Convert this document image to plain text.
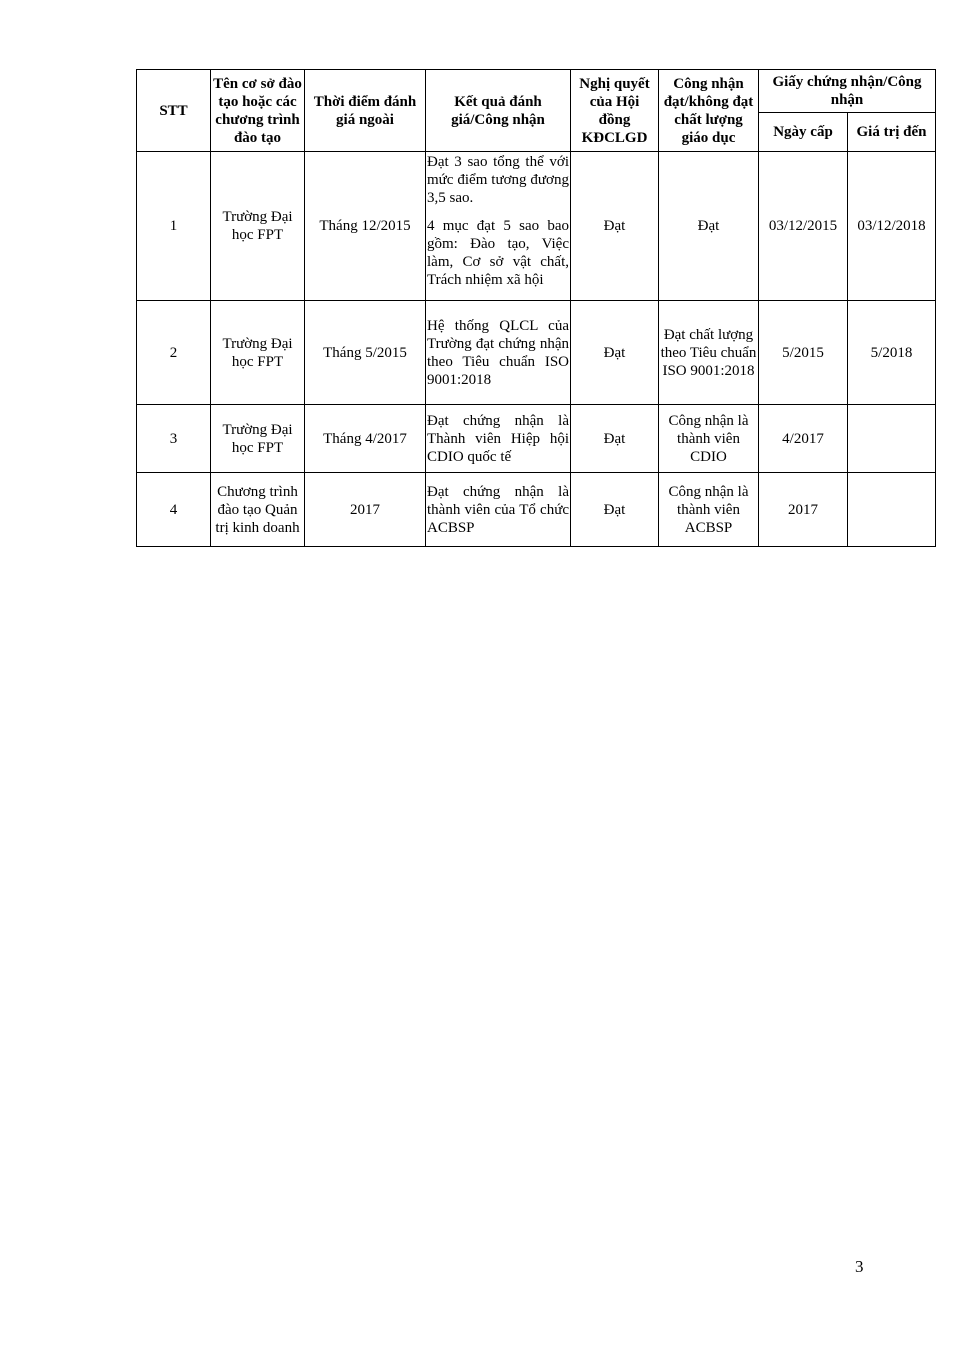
STT	Tên cơ sở đào tạo hoặc các chương trình đào tạo	Thời điểm đánh giá ngoài	Kết quả đánh giá/Công nhận	Nghị quyết của Hội đồng KĐCLGD	Công nhận đạt/không đạt chất lượng giáo dục	Giấy chứng nhận/Công nhận	
						Ngày cấp	Giá trị đến
1	Trường Đại học FPT	Tháng 12/2015	Đạt 3 sao tổng thể với mức điểm tương đương 3,5 sao.

4 mục đạt 5 sao bao gồm: Đào tạo, Việc làm, Cơ sở vật chất, Trách nhiệm xã hội	Đạt	Đạt	03/12/2015	03/12/2018
2	Trường Đại học FPT	Tháng 5/2015	Hệ thống QLCL của Trường đạt chứng nhận theo Tiêu chuẩn ISO 9001:2018	Đạt	Đạt chất lượng theo Tiêu chuẩn ISO 9001:2018	5/2015	5/2018
3	Trường Đại học FPT	Tháng 4/2017	Đạt chứng nhận là Thành viên Hiệp hội CDIO quốc tế	Đạt	Công nhận là thành viên CDIO	4/2017	
4	Chương trình đào tạo Quản trị kinh doanh	2017	Đạt chứng nhận là thành viên của Tổ chức ACBSP	Đạt	Công nhận là thành viên ACBSP	2017	
3
